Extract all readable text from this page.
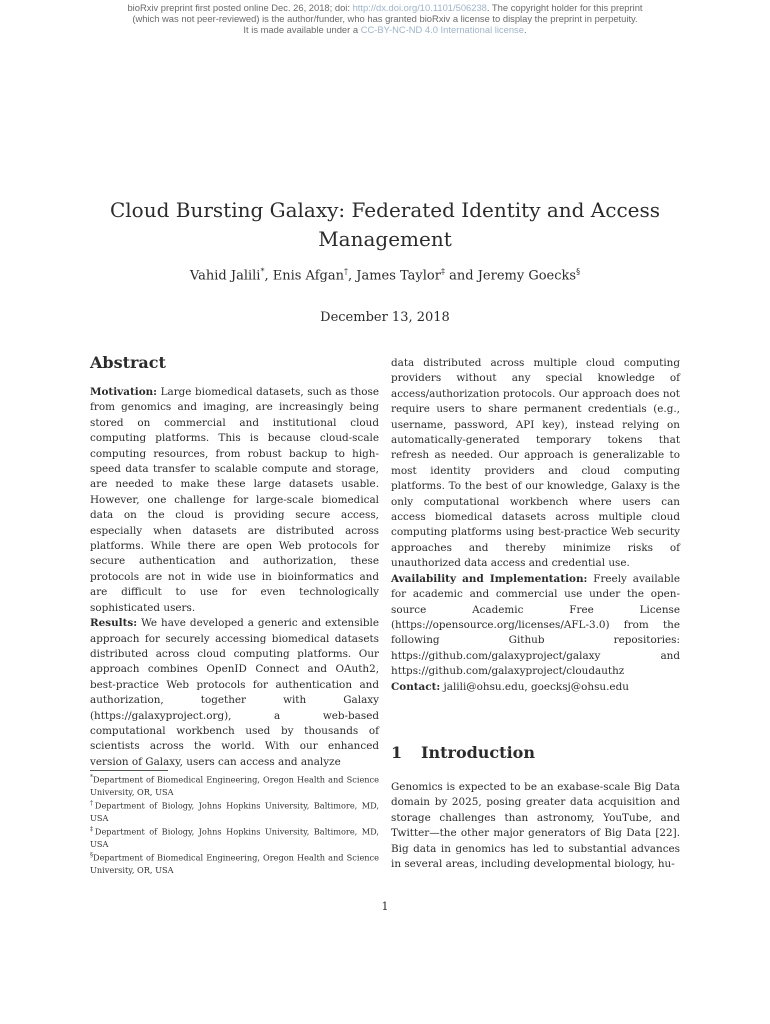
bioRxiv preprint first posted online Dec. 26, 2018; doi: http://dx.doi.org/10.1101/506238. The copyright holder for this preprint
(which was not peer-reviewed) is the author/funder, who has granted bioRxiv a license to display the preprint in perpetuity.
It is made available under a CC-BY-NC-ND 4.0 International license.
Cloud Bursting Galaxy: Federated Identity and Access Management
Vahid Jalili*, Enis Afgan†, James Taylor‡ and Jeremy Goecks§
December 13, 2018
Abstract

Motivation: Large biomedical datasets, such as those from genomics and imaging, are increasingly being stored on commercial and institutional cloud computing platforms. This is because cloud-scale computing resources, from robust backup to high-speed data transfer to scalable compute and storage, are needed to make these large datasets usable. However, one challenge for large-scale biomedical data on the cloud is providing secure access, especially when datasets are distributed across platforms. While there are open Web protocols for secure authentication and authorization, these protocols are not in wide use in bioinformatics and are difficult to use for even technologically sophisticated users.

Results: We have developed a generic and extensible approach for securely accessing biomedical datasets distributed across cloud computing platforms. Our approach combines OpenID Connect and OAuth2, best-practice Web protocols for authentication and authorization, together with Galaxy (https://galaxyproject.org), a web-based computational workbench used by thousands of scientists across the world. With our enhanced version of Galaxy, users can access and analyze

*Department of Biomedical Engineering, Oregon Health and Science University, OR, USA

†Department of Biology, Johns Hopkins University, Baltimore, MD, USA

‡Department of Biology, Johns Hopkins University, Baltimore, MD, USA

§Department of Biomedical Engineering, Oregon Health and Science University, OR, USA

data distributed across multiple cloud computing providers without any special knowledge of access/authorization protocols. Our approach does not require users to share permanent credentials (e.g., username, password, API key), instead relying on automatically-generated temporary tokens that refresh as needed. Our approach is generalizable to most identity providers and cloud computing platforms. To the best of our knowledge, Galaxy is the only computational workbench where users can access biomedical datasets across multiple cloud computing platforms using best-practice Web security approaches and thereby minimize risks of unauthorized data access and credential use.

Availability and Implementation: Freely available for academic and commercial use under the open-source Academic Free License (https://opensource.org/licenses/AFL-3.0) from the following Github repositories: https://github.com/galaxyproject/galaxy and https://github.com/galaxyproject/cloudauthz

Contact: jalili@ohsu.edu, goecksj@ohsu.edu

1 Introduction
Genomics is expected to be an exabase-scale Big Data domain by 2025, posing greater data acquisition and storage challenges than astronomy, YouTube, and Twitter—the other major generators of Big Data [22]. Big data in genomics has led to substantial advances in several areas, including developmental biology, hu-
1
